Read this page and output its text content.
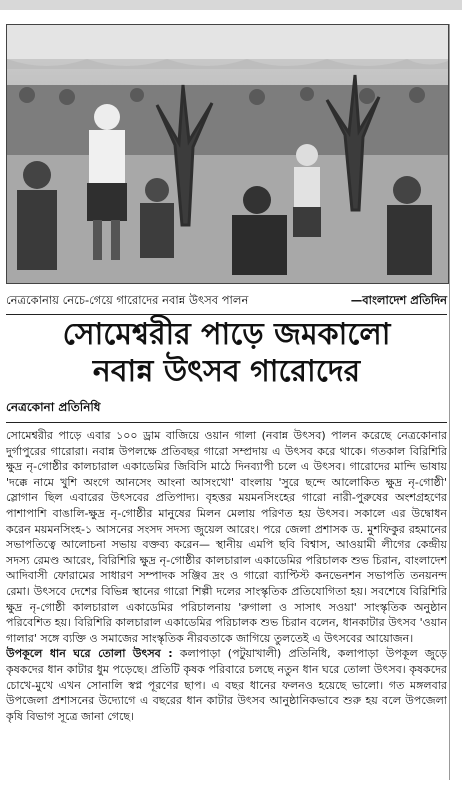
নেত্রকোনায় নেচে-গেয়ে গারোদের নবান্ন উৎসব পালন	—বাংলাদেশ প্রতিদিন
সোমেশ্বরীর পাড়ে জমকালো
নবান্ন উৎসব গারোদের
নেত্রকোনা প্রতিনিধি

সোমেশ্বরীর পাড়ে এবার ১০০ ড্রাম বাজিয়ে ওয়ান গালা (নবান্ন উৎসব) পালন করেছে নেত্রকোনার দুর্গাপুরের গারোরা। নবান্ন উপলক্ষে প্রতিবছর গারো সম্প্রদায় এ উৎসব করে থাকে। গতকাল বিরিশিরি ক্ষুদ্র নৃ-গোষ্ঠীর কালচারাল একাডেমির জিবিসি মাঠে দিনব্যাপী চলে এ উৎসব। গারোদের মান্দি ভাষায় 'দক্কে নামে খুশি অংগে আনসেং আংনা আসংখো' বাংলায় 'সুরে ছন্দে আলোকিত ক্ষুদ্র নৃ-গোষ্ঠী' স্লোগান ছিল এবারের উৎসবের প্রতিপাদ্য। বৃহত্তর ময়মনসিংহের গারো নারী-পুরুষের অংশগ্রহণের পাশাপাশি বাঙালি-ক্ষুদ্র নৃ-গোষ্ঠীর মানুষের মিলন মেলায় পরিণত হয় উৎসব। সকালে এর উদ্বোধন করেন ময়মনসিংহ-১ আসনের সংসদ সদস্য জুয়েল আরেং। পরে জেলা প্রশাসক ড. মুশফিকুর রহমানের সভাপতিত্বে আলোচনা সভায় বক্তব্য করেন— স্থানীয় এমপি ছবি বিশ্বাস, আওয়ামী লীগের কেন্দ্রীয় সদস্য রেমণ্ড আরেং, বিরিশিরি ক্ষুদ্র নৃ-গোষ্ঠীর কালচারাল একাডেমির পরিচালক শুভ চিরান, বাংলাদেশ আদিবাসী ফোরামের সাধারণ সম্পাদক সঞ্জিব দ্রং ও গারো ব্যাপ্টিস্ট কনভেনশন সভাপতি তনয়নন্দ রেমা। উৎসবে দেশের বিভিন্ন স্থানের গারো শিল্পী দলের সাংস্কৃতিক প্রতিযোগিতা হয়। সবশেষে বিরিশিরি ক্ষুদ্র নৃ-গোষ্ঠী কালচারাল একাডেমির পরিচালনায় 'রুগালা ও সাসাৎ সওয়া' সাংস্কৃতিক অনুষ্ঠান পরিবেশিত হয়। বিরিশিরি কালচারাল একাডেমির পরিচালক শুভ চিরান বলেন, ধানকাটার উৎসব 'ওয়ান গালার' সঙ্গে ব্যক্তি ও সমাজের সাংস্কৃতিক নীরবতাকে জাগিয়ে তুলতেই এ উৎসবের আয়োজন।

উপকূলে ধান ঘরে তোলা উৎসব : কলাপাড়া (পটুয়াখালী) প্রতিনিধি, কলাপাড়া উপকূল জুড়ে কৃষকদের ধান কাটার ধুম পড়েছে। প্রতিটি কৃষক পরিবারে চলছে নতুন ধান ঘরে তোলা উৎসব। কৃষকদের চোখে-মুখে এখন সোনালি স্বপ্ন পূরণের ছাপ। এ বছর ধানের ফলনও হয়েছে ভালো। গত মঙ্গলবার উপজেলা প্রশাসনের উদ্যোগে এ বছরের ধান কাটার উৎসব আনুষ্ঠানিকভাবে শুরু হয় বলে উপজেলা কৃষি বিভাগ সূত্রে জানা গেছে।
